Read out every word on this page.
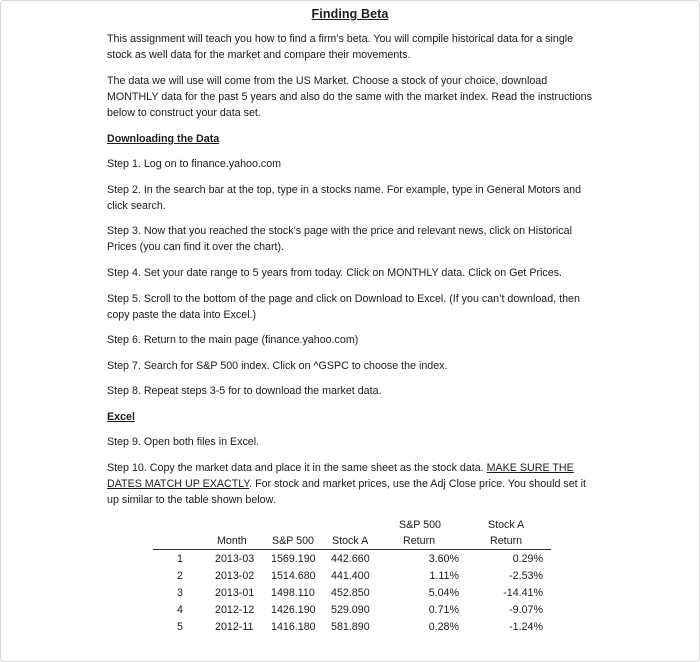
Finding Beta

This assignment will teach you how to find a firm’s beta. You will compile historical data for a single stock as well data for the market and compare their movements.

The data we will use will come from the US Market. Choose a stock of your choice, download MONTHLY data for the past 5 years and also do the same with the market index. Read the instructions below to construct your data set.

Downloading the Data

Step 1. Log on to finance.yahoo.com

Step 2. In the search bar at the top, type in a stocks name. For example, type in General Motors and click search.

Step 3. Now that you reached the stock’s page with the price and relevant news, click on Historical Prices (you can find it over the chart).

Step 4. Set your date range to 5 years from today. Click on MONTHLY data. Click on Get Prices.

Step 5. Scroll to the bottom of the page and click on Download to Excel. (If you can’t download, then copy paste the data into Excel.)

Step 6. Return to the main page (finance.yahoo.com)

Step 7. Search for S&P 500 index. Click on ^GSPC to choose the index.

Step 8. Repeat steps 3-5 for to download the market data.

Excel

Step 9. Open both files in Excel.

Step 10. Copy the market data and place it in the same sheet as the stock data. MAKE SURE THE DATES MATCH UP EXACTLY. For stock and market prices, use the Adj Close price. You should set it up similar to the table shown below.

S&P 500	Stock A
Month S&P 500 Stock A	Return	Return
1	2013-03 1569.190 442.660	3.60%	0.29%
2	2013-02 1514.680 441.400	1.11%	-2.53%
3	2013-01 1498.110 452.850	5.04%	-14.41%
4	2012-12 1426.190 529.090	0.71%	-9.07%
5	2012-11 1416.180 581.890	0.28%	-1.24%
